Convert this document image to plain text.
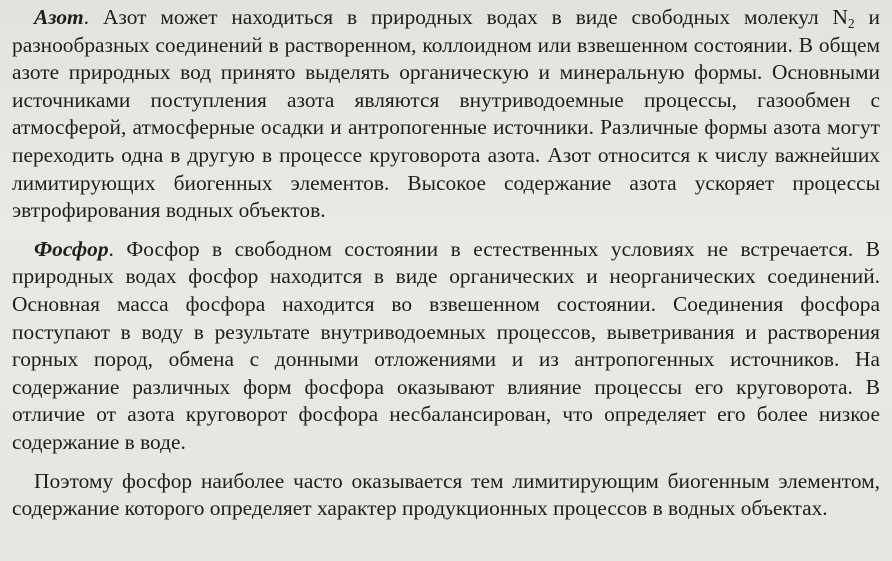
Азот. Азот может находиться в природных водах в виде свободных молекул $N_2$ и разнообразных соединений в растворенном, коллоидном или взвешенном состоянии. В общем азоте природных вод принято выделять органическую и минеральную формы. Основными источниками поступления азота являются внутриводоемные процессы, газообмен с атмосферой, атмосферные осадки и антропогенные источники. Различные формы азота могут переходить одна в другую в процессе круговорота азота. Азот относится к числу важнейших лимитирующих биогенных элементов. Высокое содержание азота ускоряет процессы эвтрофирования водных объектов.

Фосфор. Фосфор в свободном состоянии в естественных условиях не встречается. В природных водах фосфор находится в виде органических и неорганических соединений. Основная масса фосфора находится во взвешенном состоянии. Соединения фосфора поступают в воду в результате внутриводоемных процессов, выветривания и растворения горных пород, обмена с донными отложениями и из антропогенных источников. На содержание различных форм фосфора оказывают влияние процессы его круговорота. В отличие от азота круговорот фосфора несбалансирован, что определяет его более низкое содержание в воде.

Поэтому фосфор наиболее часто оказывается тем лимитирующим биогенным элементом, содержание которого определяет характер продукционных процессов в водных объектах.
